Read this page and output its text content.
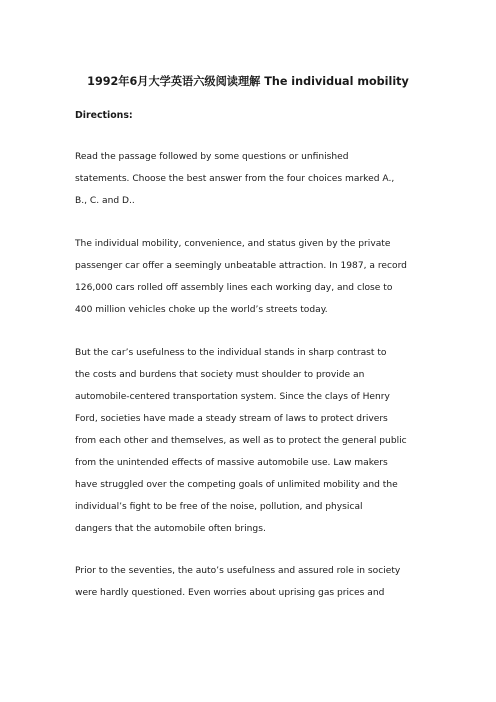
1992年6月大学英语六级阅读理解 The individual mobility
Directions:
Read the passage followed by some questions or unfinished
statements. Choose the best answer from the four choices marked A.,
B., C. and D..
The individual mobility, convenience, and status given by the private
passenger car offer a seemingly unbeatable attraction. In 1987, a record
126,000 cars rolled off assembly lines each working day, and close to
400 million vehicles choke up the world’s streets today.
But the car’s usefulness to the individual stands in sharp contrast to
the costs and burdens that society must shoulder to provide an
automobile-centered transportation system. Since the clays of Henry
Ford, societies have made a steady stream of laws to protect drivers
from each other and themselves, as well as to protect the general public
from the unintended effects of massive automobile use. Law makers
have struggled over the competing goals of unlimited mobility and the
individual’s fight to be free of the noise, pollution, and physical
dangers that the automobile often brings.
Prior to the seventies, the auto’s usefulness and assured role in society
were hardly questioned. Even worries about uprising gas prices and
